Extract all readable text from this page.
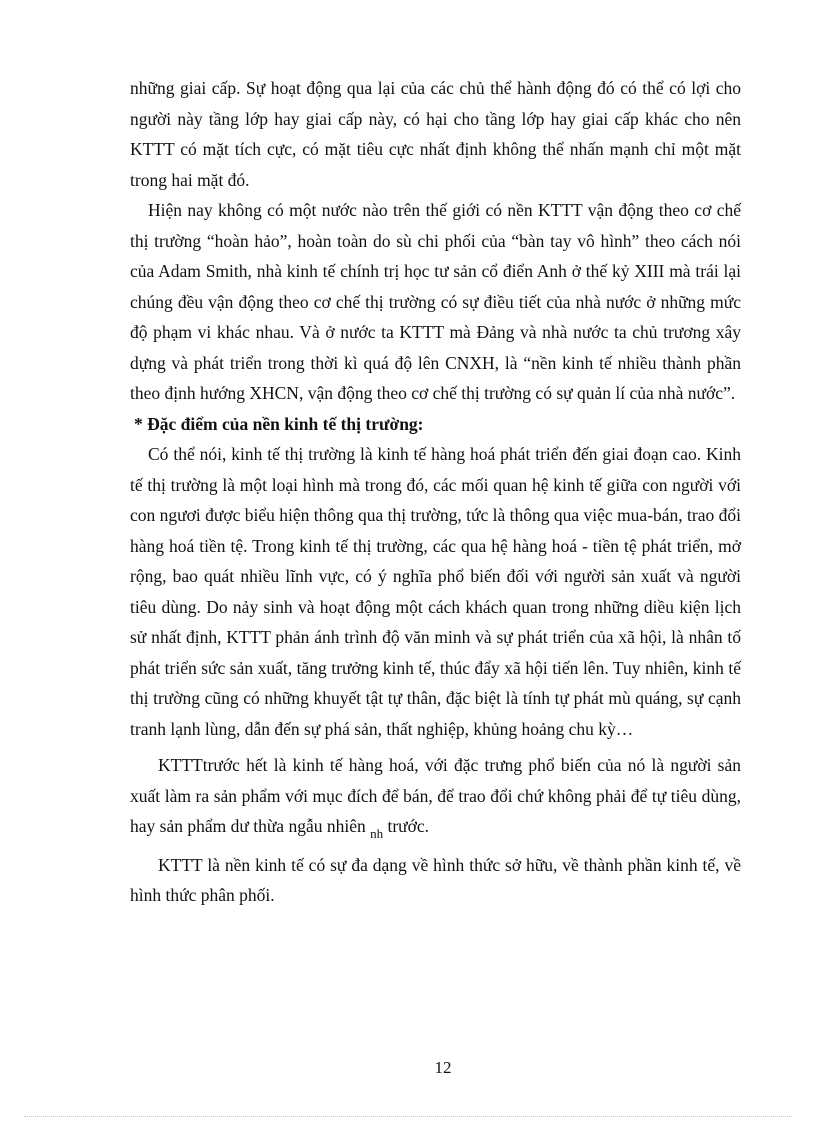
những giai cấp. Sự hoạt động qua lại của các chủ thể hành động đó có thể có lợi cho người này tầng lớp hay giai cấp này, có hại cho tầng lớp hay giai cấp khác cho nên KTTT có mặt tích cực, có mặt tiêu cực nhất định không thể nhấn mạnh chỉ một mặt trong hai mặt đó.

Hiện nay không có một nước nào trên thế giới có nền KTTT vận động theo cơ chế thị trường “hoàn hảo”, hoàn toàn do sù chi phối của “bàn tay vô hình” theo cách nói của Adam Smith, nhà kinh tế chính trị học tư sản cổ điển Anh ở thế kỷ XIII mà trái lại chúng đều vận động theo cơ chế thị trường có sự điều tiết của nhà nước ở những mức độ phạm vi khác nhau. Và ở nước ta KTTT mà Đảng và nhà nước ta chủ trương xây dựng và phát triển trong thời kì quá độ lên CNXH, là “nền kinh tế nhiều thành phần theo định hướng XHCN, vận động theo cơ chế thị trường có sự quản lí của nhà nước”.

* Đặc điểm của nền kinh tế thị trường:

Có thể nói, kinh tế thị trường là kinh tế hàng hoá phát triển đến giai đoạn cao. Kinh tế thị trường là một loại hình mà trong đó, các mối quan hệ kinh tế giữa con người với con ngươi được biểu hiện thông qua thị trường, tức là thông qua việc mua-bán, trao đổi hàng hoá tiền tệ. Trong kinh tế thị trường, các qua hệ hàng hoá - tiền tệ phát triển, mở rộng, bao quát nhiều lĩnh vực, có ý nghĩa phổ biến đối với người sản xuất và người tiêu dùng. Do nảy sinh và hoạt động một cách khách quan trong những diều kiện lịch sử nhất định, KTTT phản ánh trình độ văn minh và sự phát triển của xã hội, là nhân tố phát triển sức sản xuất, tăng trưởng kinh tế, thúc đẩy xã hội tiến lên. Tuy nhiên, kinh tế thị trường cũng có những khuyết tật tự thân, đặc biệt là tính tự phát mù quáng, sự cạnh tranh lạnh lùng, dẫn đến sự phá sản, thất nghiệp, khủng hoảng chu kỳ…

KTTTtrước hết là kinh tế hàng hoá, với đặc trưng phổ biến của nó là người sản xuất làm ra sản phẩm với mục đích để bán, để trao đổi chứ không phải để tự tiêu dùng, hay sản phẩm dư thừa ngẫu nhiên $_{nh}$ trước.

KTTT là nền kinh tế có sự đa dạng về hình thức sở hữu, về thành phần kinh tế, về hình thức phân phối.

12
